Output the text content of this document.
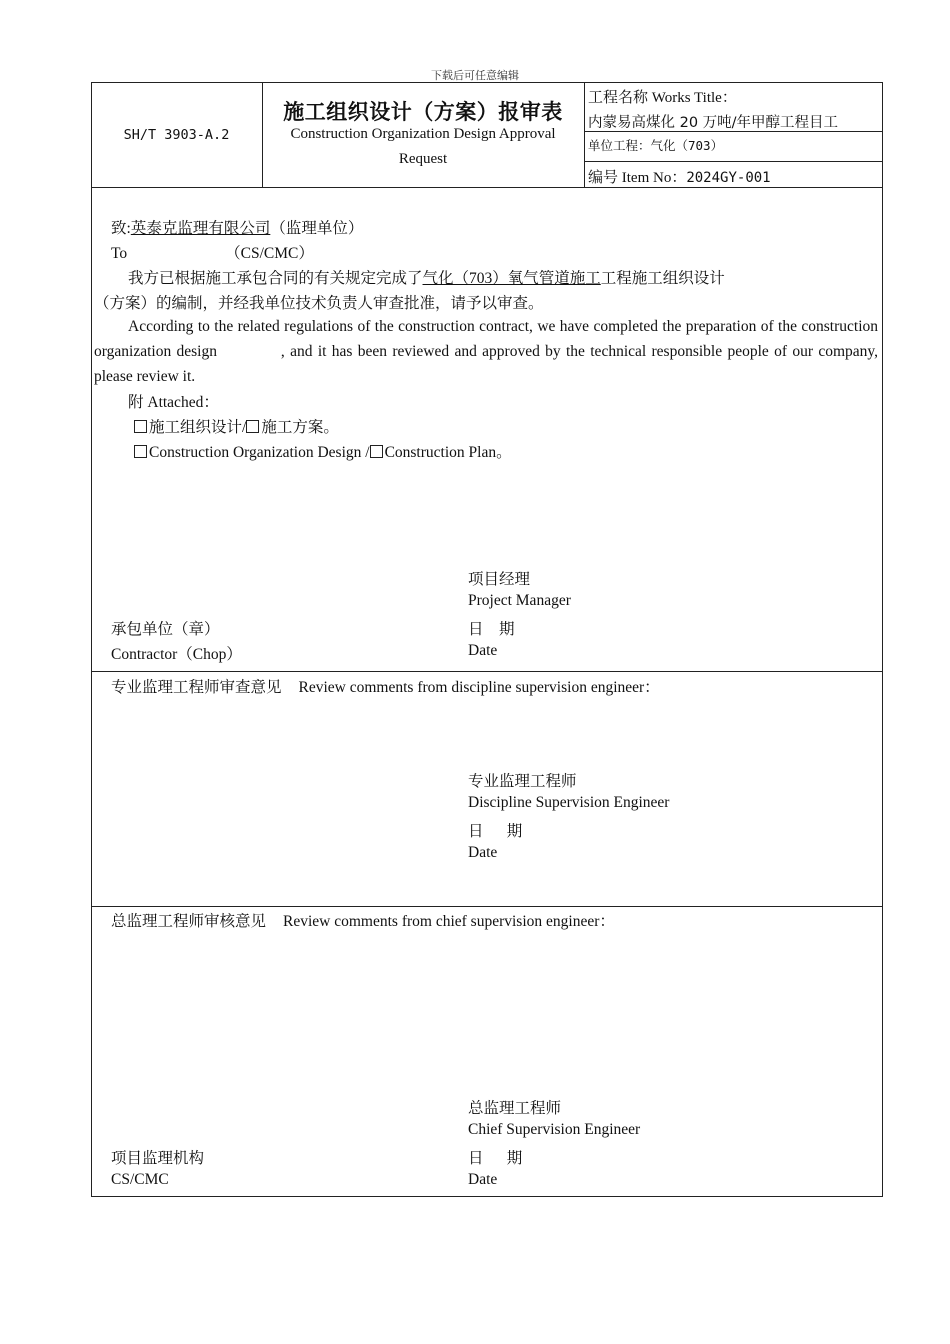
下载后可任意编辑
SH/T 3903-A.2
施工组织设计（方案）报审表
Construction Organization Design Approval
Request
工程名称 Works Title：
内蒙易高煤化 20 万吨/年甲醇工程目工
单位工程：气化（703）
编号 Item No：2024GY-001
致:英泰克监理有限公司（监理单位）
To	（CS/CMC）
我方已根据施工承包合同的有关规定完成了气化（703）氧气管道施工工程施工组织设计
（方案）的编制，并经我单位技术负责人审查批准，请予以审查。
According to the related regulations of the construction contract, we have completed the preparation of the construction organization design            , and it has been reviewed and approved by the technical responsible people of our company, please review it.
附 Attached：
施工组织设计/ 施工方案。
Construction Organization Design / Construction Plan。
项目经理
Project Manager
承包单位（章）	日    期
Contractor（Chop）	Date
专业监理工程师审查意见 Review comments from discipline supervision engineer：
专业监理工程师
Discipline Supervision Engineer
日      期
Date
总监理工程师审核意见 Review comments from chief supervision engineer：
总监理工程师
Chief Supervision Engineer
项目监理机构	日      期
CS/CMC	Date
